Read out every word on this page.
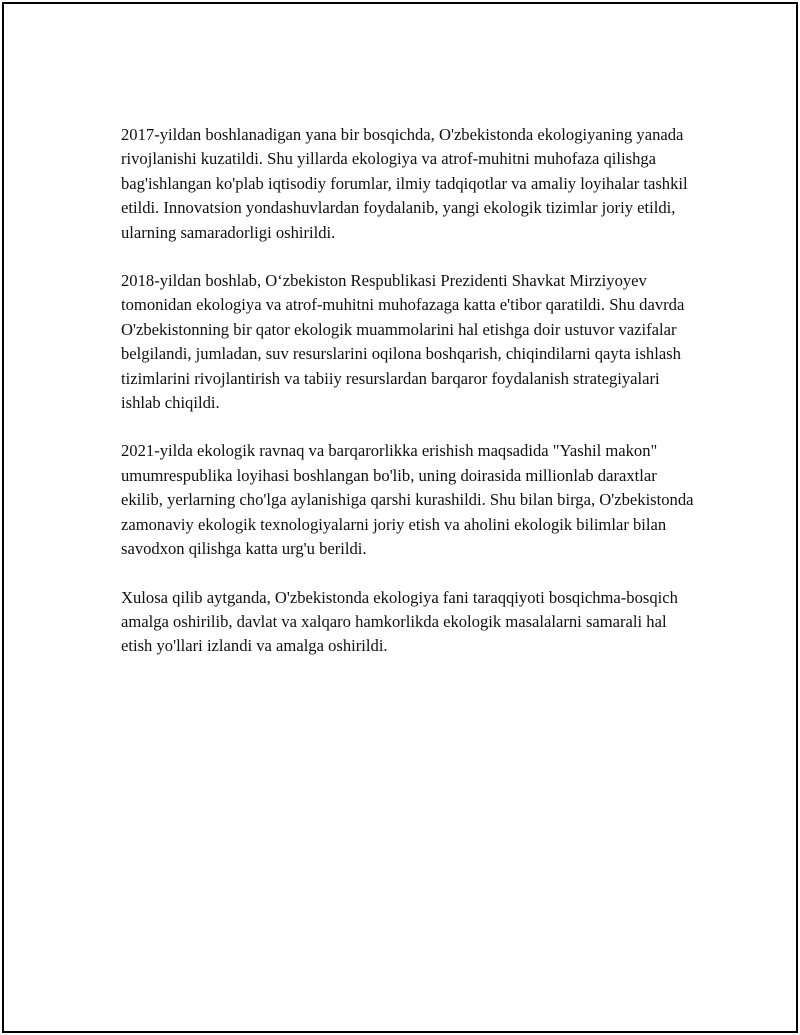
2017-yildan boshlanadigan yana bir bosqichda, O'zbekistonda ekologiyaning yanada rivojlanishi kuzatildi. Shu yillarda ekologiya va atrof-muhitni muhofaza qilishga bag'ishlangan ko'plab iqtisodiy forumlar, ilmiy tadqiqotlar va amaliy loyihalar tashkil etildi. Innovatsion yondashuvlardan foydalanib, yangi ekologik tizimlar joriy etildi, ularning samaradorligi oshirildi.

2018-yildan boshlab, O‘zbekiston Respublikasi Prezidenti Shavkat Mirziyoyev tomonidan ekologiya va atrof-muhitni muhofazaga katta e'tibor qaratildi. Shu davrda O'zbekistonning bir qator ekologik muammolarini hal etishga doir ustuvor vazifalar belgilandi, jumladan, suv resurslarini oqilona boshqarish, chiqindilarni qayta ishlash tizimlarini rivojlantirish va tabiiy resurslardan barqaror foydalanish strategiyalari ishlab chiqildi.

2021-yilda ekologik ravnaq va barqarorlikka erishish maqsadida "Yashil makon" umumrespublika loyihasi boshlangan bo'lib, uning doirasida millionlab daraxtlar ekilib, yerlarning cho'lga aylanishiga qarshi kurashildi. Shu bilan birga, O'zbekistonda zamonaviy ekologik texnologiyalarni joriy etish va aholini ekologik bilimlar bilan savodxon qilishga katta urg'u berildi.

Xulosa qilib aytganda, O'zbekistonda ekologiya fani taraqqiyoti bosqichma-bosqich amalga oshirilib, davlat va xalqaro hamkorlikda ekologik masalalarni samarali hal etish yo'llari izlandi va amalga oshirildi.
